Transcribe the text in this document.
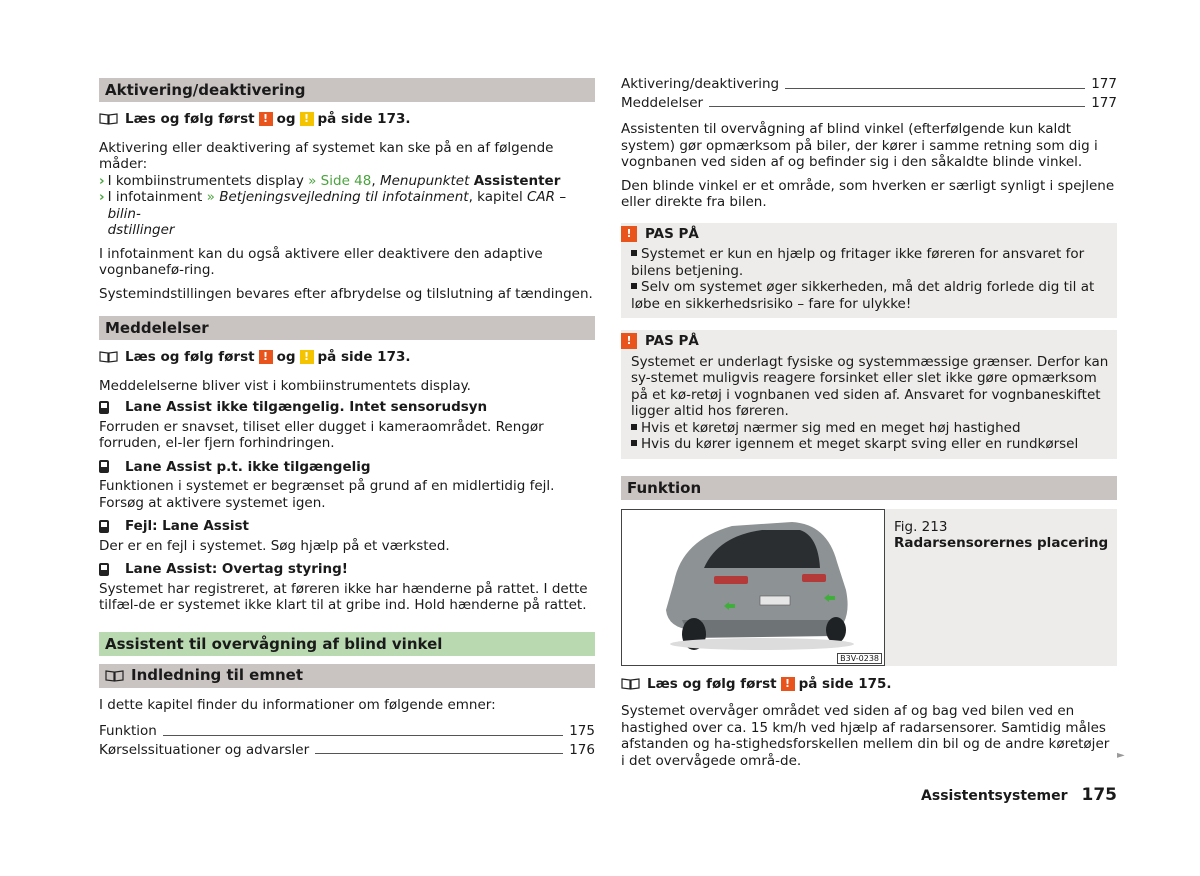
Aktivering/deaktivering
Læs og følg først ! og ! på side 173.

Aktivering eller deaktivering af systemet kan ske på en af følgende måder:

› I kombiinstrumentets display » Side 48, Menupunktet Assistenter
› I infotainment » Betjeningsvejledning til infotainment, kapitel CAR – bilin-
dstillinger

I infotainment kan du også aktivere eller deaktivere den adaptive vognbanefø-ring.

Systemindstillingen bevares efter afbrydelse og tilslutning af tændingen.

Meddelelser
Læs og følg først ! og ! på side 173.

Meddelelserne bliver vist i kombiinstrumentets display.

Lane Assist ikke tilgængelig. Intet sensorudsyn

Forruden er snavset, tiliset eller dugget i kameraområdet. Rengør forruden, el-ler fjern forhindringen.

Lane Assist p.t. ikke tilgængelig

Funktionen i systemet er begrænset på grund af en midlertidig fejl. Forsøg at aktivere systemet igen.

Fejl: Lane Assist

Der er en fejl i systemet. Søg hjælp på et værksted.

Lane Assist: Overtag styring!

Systemet har registreret, at føreren ikke har hænderne på rattet. I dette tilfæl-de er systemet ikke klart til at gribe ind. Hold hænderne på rattet.

Assistent til overvågning af blind vinkel
Indledning til emnet

I dette kapitel finder du informationer om følgende emner:

Funktion	175
Kørselssituationer og advarsler	176
Aktivering/deaktivering	177
Meddelelser	177

Assistenten til overvågning af blind vinkel (efterfølgende kun kaldt system) gør opmærksom på biler, der kører i samme retning som dig i vognbanen ved siden af og befinder sig i den såkaldte blinde vinkel.

Den blinde vinkel er et område, som hverken er særligt synligt i spejlene eller direkte fra bilen.

! PAS PÅ
Systemet er kun en hjælp og fritager ikke føreren for ansvaret for bilens betjening.
Selv om systemet øger sikkerheden, må det aldrig forlede dig til at løbe en sikkerhedsrisiko – fare for ulykke!
! PAS PÅ
Systemet er underlagt fysiske og systemmæssige grænser. Derfor kan sy-stemet muligvis reagere forsinket eller slet ikke gøre opmærksom på et kø-retøj i vognbanen ved siden af. Ansvaret for vognbaneskiftet ligger altid hos føreren.
Hvis et køretøj nærmer sig med en meget høj hastighed
Hvis du kører igennem et meget skarpt sving eller en rundkørsel
Funktion
B3V-0238
Fig. 213
Radarsensorernes placering
Læs og følg først ! på side 175.

Systemet overvåger området ved siden af og bag ved bilen ved en hastighed over ca. 15 km/h ved hjælp af radarsensorer. Samtidig måles afstanden og ha-stighedsforskellen mellem din bil og de andre køretøjer i det overvågede områ-de.	►
Assistentsystemer 175
